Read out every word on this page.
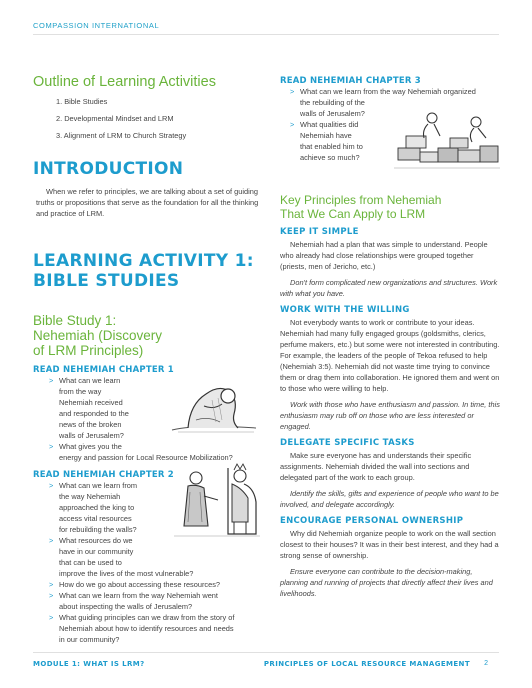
COMPASSION INTERNATIONAL
Outline of Learning Activities
1. Bible Studies
2. Developmental Mindset and LRM
3. Alignment of LRM to Church Strategy
INTRODUCTION

When we refer to principles, we are talking about a set of guiding truths or propositions that serve as the foundation for all the thinking and practice of LRM.

LEARNING ACTIVITY 1:
BIBLE STUDIES
Bible Study 1:
Nehemiah (Discovery
of LRM Principles)
READ NEHEMIAH CHAPTER 1
> What can we learn
from the way
Nehemiah received
and responded to the
news of the broken
walls of Jerusalem?
> What gives you the
energy and passion for Local Resource Mobilization?
READ NEHEMIAH CHAPTER 2
> What can we learn from
the way Nehemiah
approached the king to
access vital resources
for rebuilding the walls?
> What resources do we
have in our community
that can be used to
improve the lives of the most vulnerable?
> How do we go about accessing these resources?
> What can we learn from the way Nehemiah went
about inspecting the walls of Jerusalem?
> What guiding principles can we draw from the story of
Nehemiah about how to identify resources and needs
in our community?
READ NEHEMIAH CHAPTER 3
> What can we learn from the way Nehemiah organized
the rebuilding of the
walls of Jerusalem?
> What qualities did
Nehemiah have
that enabled him to
achieve so much?
Key Principles from Nehemiah
That We Can Apply to LRM
KEEP IT SIMPLE

Nehemiah had a plan that was simple to understand. People who already had close relationships were grouped together (priests, men of Jericho, etc.)

Don't form complicated new organizations and structures. Work with what you have.

WORK WITH THE WILLING

Not everybody wants to work or contribute to your ideas. Nehemiah had many fully engaged groups (goldsmiths, clerics, perfume makers, etc.) but some were not interested in contributing. For example, the leaders of the people of Tekoa refused to help (Nehemiah 3:5). Nehemiah did not waste time trying to convince them or drag them into collaboration. He ignored them and went on to those who were willing to help.

Work with those who have enthusiasm and passion. In time, this enthusiasm may rub off on those who are less interested or engaged.

DELEGATE SPECIFIC TASKS

Make sure everyone has and understands their specific assignments. Nehemiah divided the wall into sections and delegated part of the work to each group.

Identify the skills, gifts and experience of people who want to be involved, and delegate accordingly.

ENCOURAGE PERSONAL OWNERSHIP

Why did Nehemiah organize people to work on the wall section closest to their houses? It was in their best interest, and they had a strong sense of ownership.

Ensure everyone can contribute to the decision-making, planning and running of projects that directly affect their lives and livelihoods.

MODULE 1: WHAT IS LRM?	PRINCIPLES OF LOCAL RESOURCE MANAGEMENT 2
